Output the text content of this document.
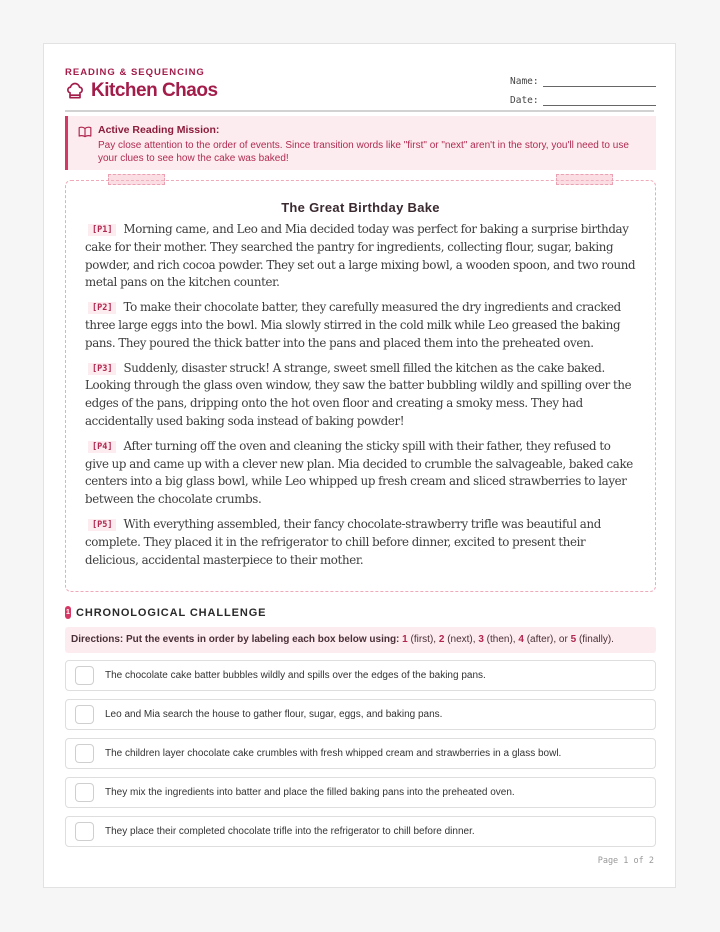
READING & SEQUENCING
Kitchen Chaos	Name:
Date:
Active Reading Mission:
Pay close attention to the order of events. Since transition words like "first" or "next" aren't in the story, you'll need to use your clues to see how the cake was baked!
The Great Birthday Bake

[P1] Morning came, and Leo and Mia decided today was perfect for baking a surprise birthday cake for their mother. They searched the pantry for ingredients, collecting flour, sugar, baking powder, and rich cocoa powder. They set out a large mixing bowl, a wooden spoon, and two round metal pans on the kitchen counter.

[P2] To make their chocolate batter, they carefully measured the dry ingredients and cracked three large eggs into the bowl. Mia slowly stirred in the cold milk while Leo greased the baking pans. They poured the thick batter into the pans and placed them into the preheated oven.

[P3] Suddenly, disaster struck! A strange, sweet smell filled the kitchen as the cake baked. Looking through the glass oven window, they saw the batter bubbling wildly and spilling over the edges of the pans, dripping onto the hot oven floor and creating a smoky mess. They had accidentally used baking soda instead of baking powder!

[P4] After turning off the oven and cleaning the sticky spill with their father, they refused to give up and came up with a clever new plan. Mia decided to crumble the salvageable, baked cake centers into a big glass bowl, while Leo whipped up fresh cream and sliced strawberries to layer between the chocolate crumbs.

[P5] With everything assembled, their fancy chocolate-strawberry trifle was beautiful and complete. They placed it in the refrigerator to chill before dinner, excited to present their delicious, accidental masterpiece to their mother.

1 CHRONOLOGICAL CHALLENGE
Directions: Put the events in order by labeling each box below using: 1 (first), 2 (next), 3 (then), 4 (after), or 5 (finally).
The chocolate cake batter bubbles wildly and spills over the edges of the baking pans.
Leo and Mia search the house to gather flour, sugar, eggs, and baking pans.
The children layer chocolate cake crumbles with fresh whipped cream and strawberries in a glass bowl.
They mix the ingredients into batter and place the filled baking pans into the preheated oven.
They place their completed chocolate trifle into the refrigerator to chill before dinner.
Page 1 of 2
